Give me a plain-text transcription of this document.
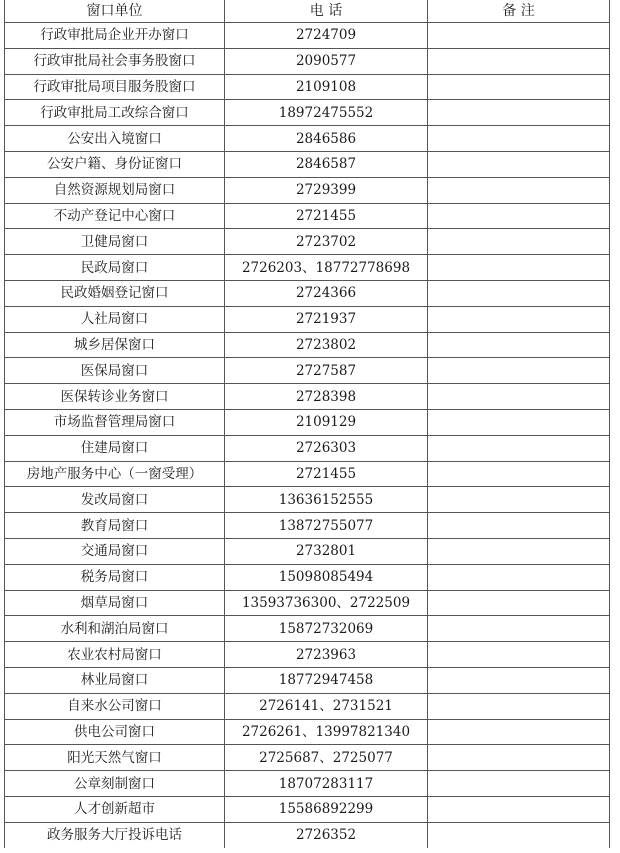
窗口单位	电 话	备 注
行政审批局企业开办窗口	2724709	
行政审批局社会事务股窗口	2090577	
行政审批局项目服务股窗口	2109108	
行政审批局工改综合窗口	18972475552	
公安出入境窗口	2846586	
公安户籍、身份证窗口	2846587	
自然资源规划局窗口	2729399	
不动产登记中心窗口	2721455	
卫健局窗口	2723702	
民政局窗口	2726203、18772778698	
民政婚姻登记窗口	2724366	
人社局窗口	2721937	
城乡居保窗口	2723802	
医保局窗口	2727587	
医保转诊业务窗口	2728398	
市场监督管理局窗口	2109129	
住建局窗口	2726303	
房地产服务中心（一窗受理）	2721455	
发改局窗口	13636152555	
教育局窗口	13872755077	
交通局窗口	2732801	
税务局窗口	15098085494	
烟草局窗口	13593736300、2722509	
水利和湖泊局窗口	15872732069	
农业农村局窗口	2723963	
林业局窗口	18772947458	
自来水公司窗口	2726141、2731521	
供电公司窗口	2726261、13997821340	
阳光天然气窗口	2725687、2725077	
公章刻制窗口	18707283117	
人才创新超市	15586892299	
政务服务大厅投诉电话	2726352	
